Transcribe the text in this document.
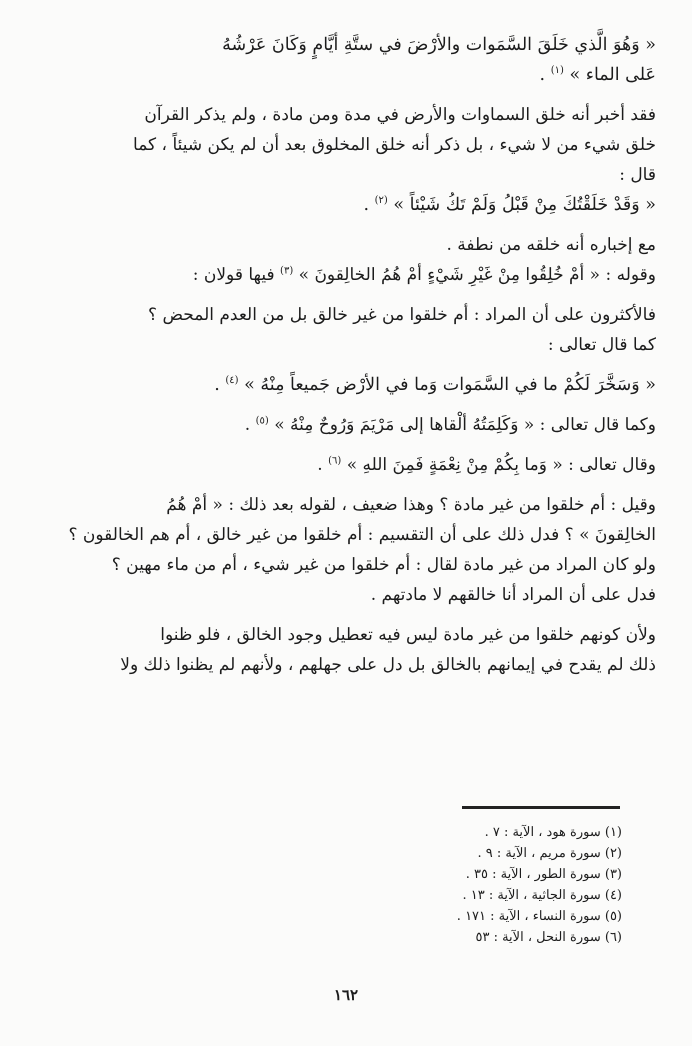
« وَهُوَ الَّذي خَلَقَ السَّمَوات والأرْضَ في ستَّةِ أيَّامٍ وَكَانَ عَرْشُهُ

عَلى الماء » $^{(١)}$ .

فقد أخبر أنه خلق السماوات والأرض في مدة ومن مادة ، ولم يذكر القرآن

خلق شيء من لا شيء ، بل ذكر أنه خلق المخلوق بعد أن لم يكن شيئاً ، كما

قال :

« وَقَدْ خَلَقْتُكَ مِنْ قَبْلُ وَلَمْ تَكُ شَيْئاً » $^{(٢)}$ .

مع إخباره أنه خلقه من نطفة .

وقوله : « أمْ خُلِقُوا مِنْ غَيْرِ شَيْءٍ أمْ هُمُ الخالِقونَ » $^{(٣)}$ فيها قولان :

فالأكثرون على أن المراد : أم خلقوا من غير خالق بل من العدم المحض ؟

كما قال تعالى :

« وَسَخَّرَ لَكُمْ ما في السَّمَوات وَما في الأرْض جَميعاً مِنْهُ » $^{(٤)}$ .

وكما قال تعالى : « وَكَلِمَتُهُ ألْقاها إلى مَرْيَمَ وَرُوحٌ مِنْهُ » $^{(٥)}$ .

وقال تعالى : « وَما بِكُمْ مِنْ نِعْمَةٍ فَمِنَ اللهِ » $^{(٦)}$ .

وقيل : أم خلقوا من غير مادة ؟ وهذا ضعيف ، لقوله بعد ذلك : « أمْ هُمُ

الخالِقونَ » ؟ فدل ذلك على أن التقسيم : أم خلقوا من غير خالق ، أم هم الخالقون ؟

ولو كان المراد من غير مادة لقال : أم خلقوا من غير شيء ، أم من ماء مهين ؟

فدل على أن المراد أنا خالقهم لا مادتهم .

ولأن كونهم خلقوا من غير مادة ليس فيه تعطيل وجود الخالق ، فلو ظنوا

ذلك لم يقدح في إيمانهم بالخالق بل دل على جهلهم ، ولأنهم لم يظنوا ذلك ولا

(١) سورة هود ، الآية : ٧ .

(٢) سورة مريم ، الآية : ٩ .

(٣) سورة الطور ، الآية : ٣٥ .

(٤) سورة الجاثية ، الآية : ١٣ .

(٥) سورة النساء ، الآية : ١٧١ .

(٦) سورة النحل ، الآية : ٥٣

١٦٢
